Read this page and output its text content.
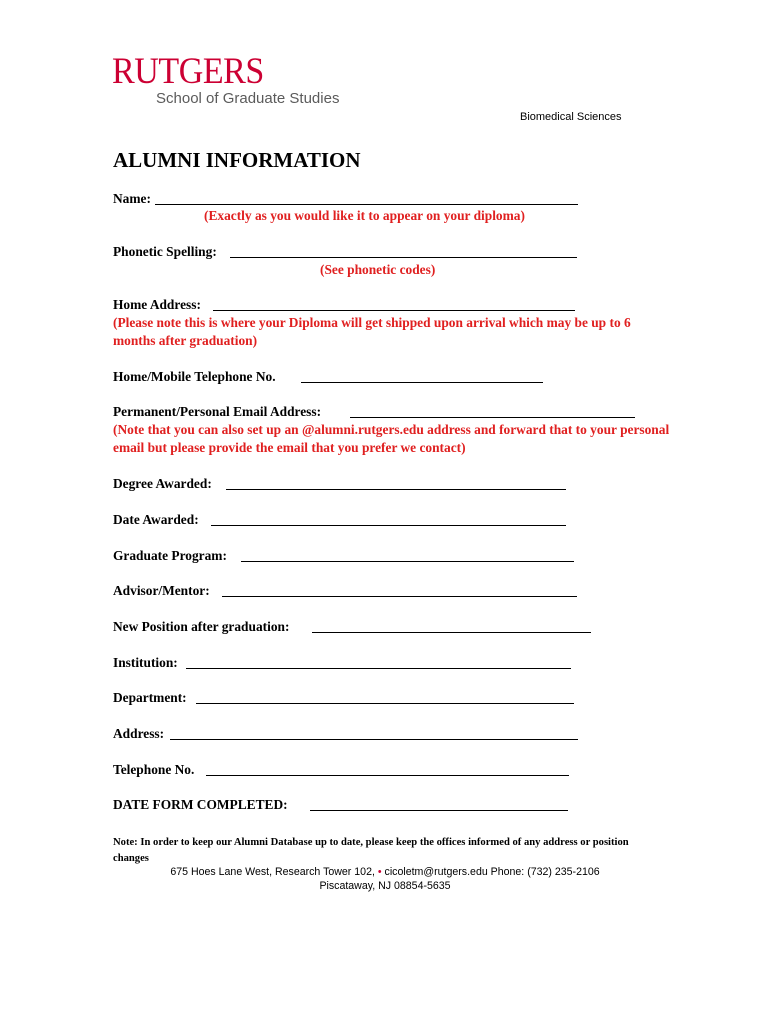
RUTGERS
School of Graduate Studies
Biomedical Sciences
ALUMNI INFORMATION
Name:
(Exactly as you would like it to appear on your diploma)
Phonetic Spelling:
(See phonetic codes)
Home Address:
(Please note this is where your Diploma will get shipped upon arrival which may be up to 6 months after graduation)
Home/Mobile Telephone No.
Permanent/Personal Email Address:
(Note that you can also set up an @alumni.rutgers.edu address and forward that to your personal email but please provide the email that you prefer we contact)
Degree Awarded:
Date Awarded:
Graduate Program:
Advisor/Mentor:
New Position after graduation:
Institution:
Department:
Address:
Telephone No.
DATE FORM COMPLETED:
Note: In order to keep our Alumni Database up to date, please keep the offices informed of any address or position changes
675 Hoes Lane West, Research Tower 102, • cicoletm@rutgers.edu Phone: (732) 235-2106
Piscataway, NJ 08854-5635
